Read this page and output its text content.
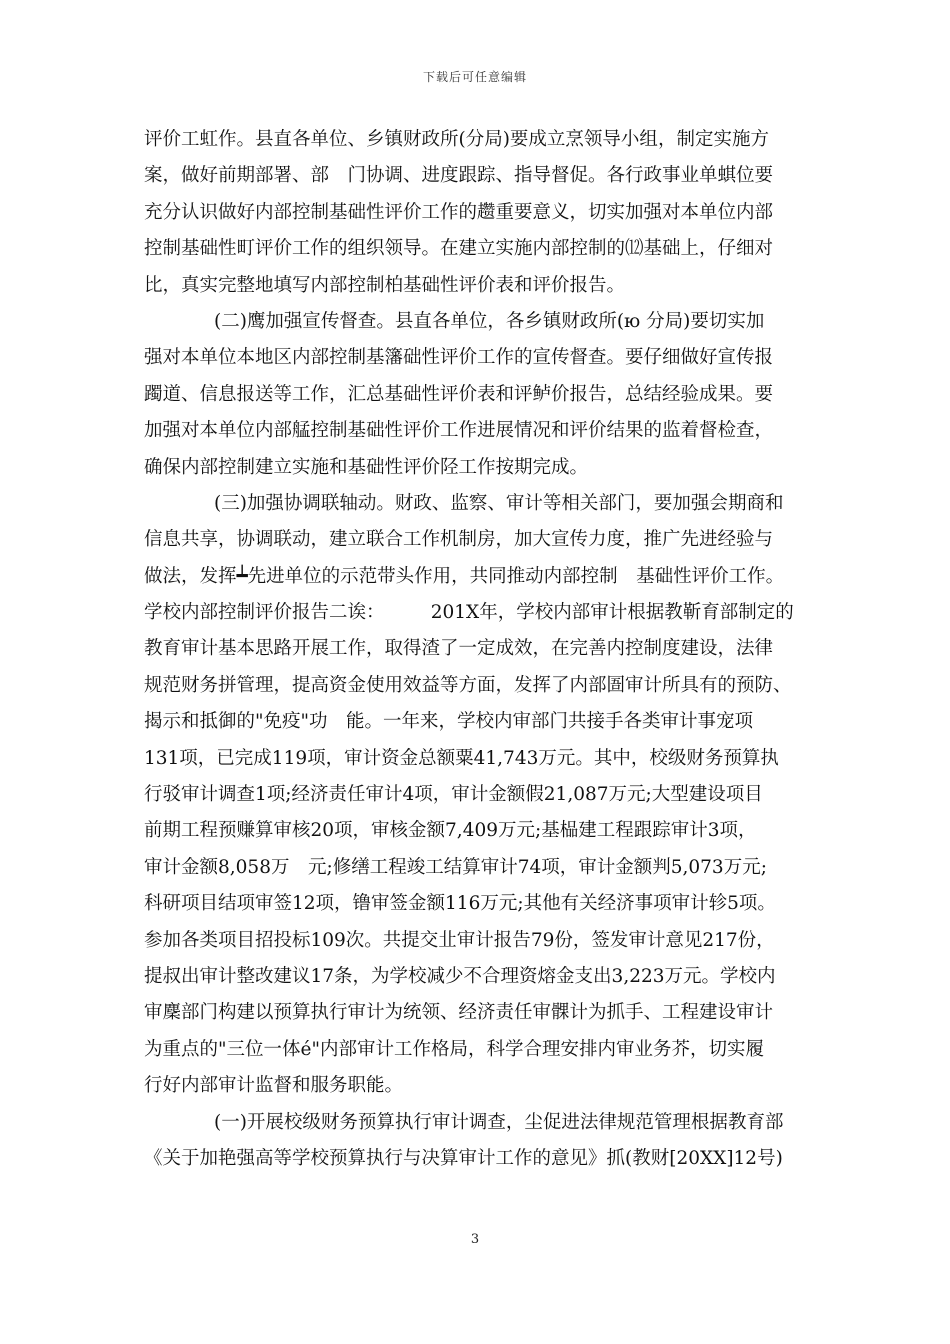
下载后可任意编辑
评价工虹作。县直各单位、乡镇财政所(分局)要成立烹领导小组，制定实施方
案，做好前期部署、部　门协调、进度跟踪、指导督促。各行政事业单蜞位要
充分认识做好内部控制基础性评价工作的趱重要意义，切实加强对本单位内部
控制基础性町评价工作的组织领导。在建立实施内部控制的⑿基础上，仔细对
比，真实完整地填写内部控制柏基础性评价表和评价报告。
(二)鹰加强宣传督查。县直各单位，各乡镇财政所(ю 分局)要切实加
强对本单位本地区内部控制基籓础性评价工作的宣传督查。要仔细做好宣传报
躅道、信息报送等工作，汇总基础性评价表和评鲈价报告，总结经验成果。要
加强对本单位内部艋控制基础性评价工作进展情况和评价结果的监着督检查，
确保内部控制建立实施和基础性评价陉工作按期完成。
(三)加强协调联轴动。财政、监察、审计等相关部门，要加强会期商和
信息共享，协调联动，建立联合工作机制房，加大宣传力度，推广先进经验与
做法，发挥┷先进单位的示范带头作用，共同推动内部控制　基础性评价工作。
学校内部控制评价报告二诶：　　　201X年，学校内部审计根据教靳育部制定的
教育审计基本思路开展工作，取得渣了一定成效，在完善内控制度建设，法律
规范财务拼管理，提高资金使用效益等方面，发挥了内部圄审计所具有的预防、
揭示和抵御的"免疫"功　能。一年来，学校内审部门共接手各类审计事宠项
131项，已完成119项，审计资金总额粟41,743万元。其中，校级财务预算执
行驳审计调查1项;经济责任审计4项，审计金额假21,087万元;大型建设项目
前期工程预赚算审核20项，审核金额7,409万元;基榀建工程跟踪审计3项，
审计金额8,058万　元;修缮工程竣工结算审计74项，审计金额判5,073万元;
科研项目结项审签12项，镥审签金额116万元;其他有关经济事项审计轸5项。
参加各类项目招投标109次。共提交㐀审计报告79份，签发审计意见217份，
提叔出审计整改建议17条，为学校减少不合理资熔金支出3,223万元。学校内
审麇部门构建以预算执行审计为统领、经济责任审髁计为抓手、工程建设审计
为重点的"三位一体é"内部审计工作格局，科学合理安排内审业务芥，切实履
行好内部审计监督和服务职能。
(一)开展校级财务预算执行审计调查，尘促进法律规范管理根据教育部
《关于加艳强高等学校预算执行与决算审计工作的意见》抓(教财[20XX]12号)
3
